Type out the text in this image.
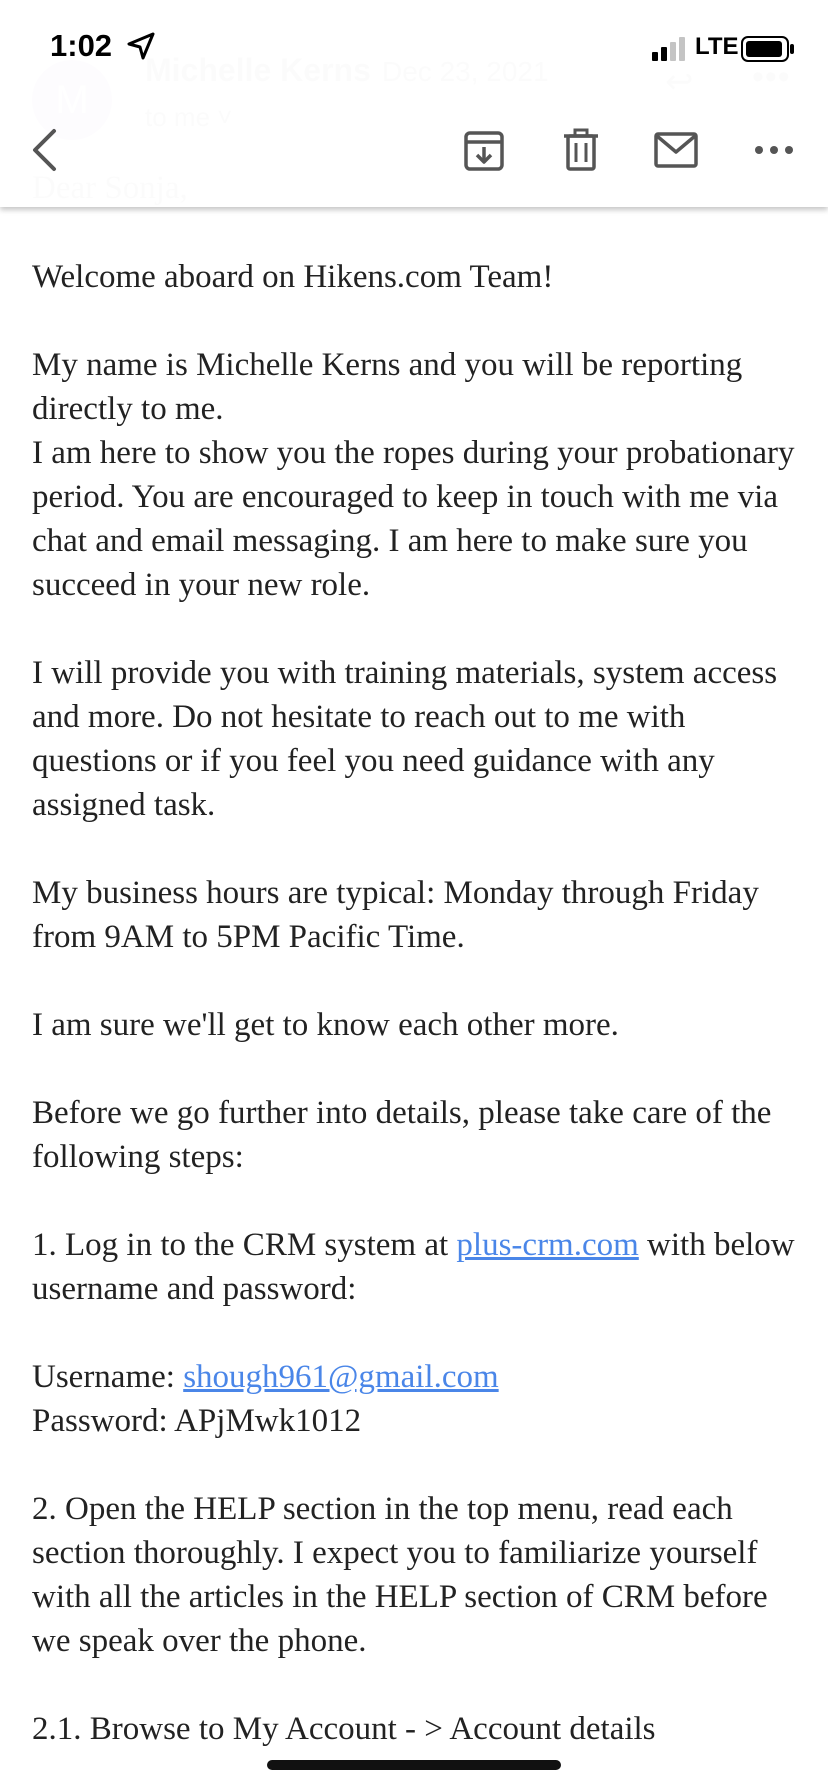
1:02	LTE

Welcome aboard on Hikens.com Team!

My name is Michelle Kerns and you will be reporting directly to me.

I am here to show you the ropes during your probationary period. You are encouraged to keep in touch with me via chat and email messaging. I am here to make sure you succeed in your new role.

I will provide you with training materials, system access and more. Do not hesitate to reach out to me with questions or if you feel you need guidance with any assigned task.

My business hours are typical: Monday through Friday from 9AM to 5PM Pacific Time.

I am sure we'll get to know each other more.

Before we go further into details, please take care of the following steps:

1. Log in to the CRM system at plus-crm.com with below username and password:

Username: shough961@gmail.com

Password: APjMwk1012

2. Open the HELP section in the top menu, read each section thoroughly. I expect you to familiarize yourself with all the articles in the HELP section of CRM before we speak over the phone.

2.1. Browse to My Account - > Account details
